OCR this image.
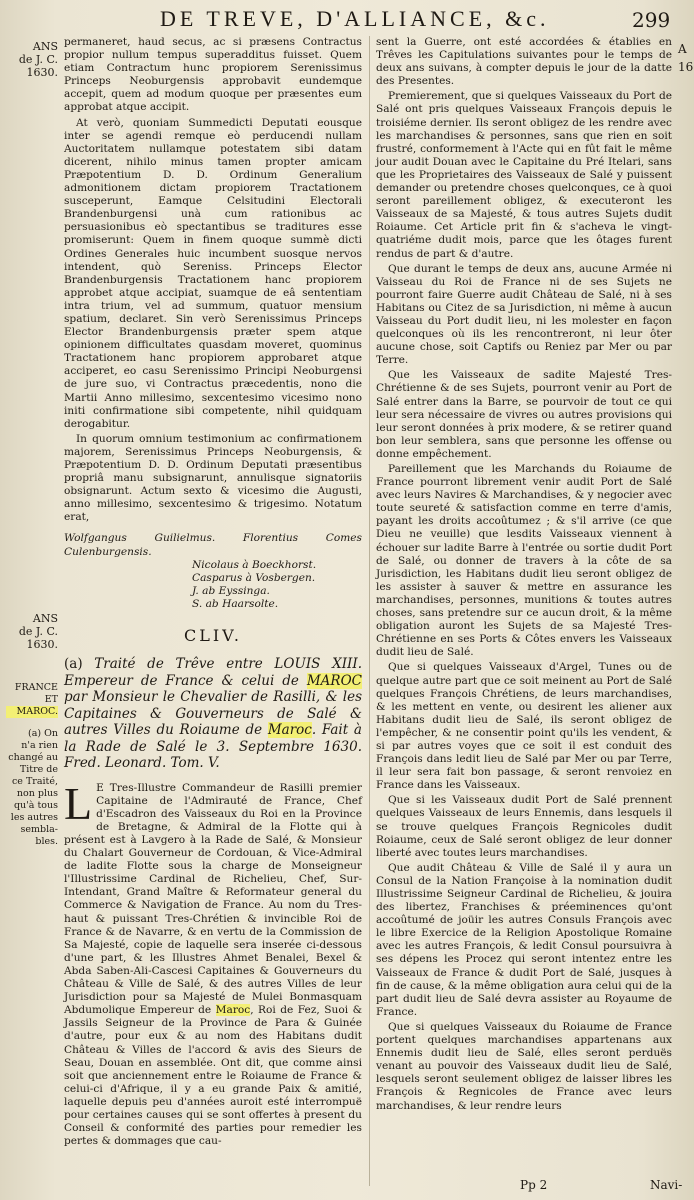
DE TREVE, D'ALLIANCE, &c.	299
A
16
ANS
de J. C.
1630.
ANS
de J. C.
1630.
FRANCE
ET
MAROC.
(a) On
n'a rien
changé au
Titre de
ce Traité,
non plus
qu'à tous
les autres
sembla-
bles.

permaneret, haud secus, ac si præsens Contractus propior nullum tempus superadditus fuisset. Quem etiam Contractum hunc propiorem Serenissimus Princeps Neoburgensis approbavit eundemque accepit, quem ad modum quoque per præsentes eum approbat atque accipit.

At verò, quoniam Summedicti Deputati eousque inter se agendi remque eò perducendi nullam Auctoritatem nullamque potestatem sibi datam dicerent, nihilo minus tamen propter amicam Præpotentium D. D. Ordinum Generalium admonitionem dictam propiorem Tractationem susceperunt, Eamque Celsitudini Electorali Brandenburgensi unà cum rationibus ac persuasionibus eò spectantibus se traditures esse promiserunt: Quem in finem quoque summè dicti Ordines Generales huic incumbent suosque nervos intendent, quò Sereniss. Princeps Elector Brandenburgensis Tractationem hanc propiorem approbet atque accipiat, suamque de eâ sententiam intra trium, vel ad summum, quatuor mensium spatium, declaret. Sin verò Serenissimus Princeps Elector Brandenburgensis præter spem atque opinionem difficultates quasdam moveret, quominus Tractationem hanc propiorem approbaret atque acciperet, eo casu Serenissimo Principi Neoburgensi de jure suo, vi Contractus præcedentis, nono die Martii Anno millesimo, sexcentesimo vicesimo nono initi confirmatione sibi competente, nihil quidquam derogabitur.

In quorum omnium testimonium ac confirmationem majorem, Serenissimus Princeps Neoburgensis, & Præpotentium D. D. Ordinum Deputati præsentibus propriâ manu subsignarunt, annulisque signatoriis obsignarunt. Actum sexto & vicesimo die Augusti, anno millesimo, sexcentesimo & trigesimo. Notatum erat,

Wolfgangus Guilielmus. Florentius Comes Culenburgensis.
Nicolaus à Boeckhorst.
Casparus à Vosbergen.
J. ab Eyssinga.
S. ab Haarsolte.
CLIV.
(a) Traité de Trêve entre LOUIS XIII. Empereur de France & celui de MAROC par Monsieur le Chevalier de Rasilli, & les Capitaines & Gouverneurs de Salé & autres Villes du Roiaume de Maroc. Fait à la Rade de Salé le 3. Septembre 1630. Fred. Leonard. Tom. V.
L E Tres-Illustre Commandeur de Rasilli premier Capitaine de l'Admirauté de France, Chef d'Escadron des Vaisseaux du Roi en la Province de Bretagne, & Admiral de la Flotte qui à présent est à Lavgero à la Rade de Salé, & Monsieur du Chalart Gouverneur de Cordouan, & Vice-Admiral de ladite Flotte sous la charge de Monseigneur l'Illustrissime Cardinal de Richelieu, Chef, Sur-Intendant, Grand Maître & Reformateur general du Commerce & Navigation de France. Au nom du Tres-haut & puissant Tres-Chrétien & invincible Roi de France & de Navarre, & en vertu de la Commission de Sa Majesté, copie de laquelle sera inserée ci-dessous d'une part, & les Illustres Ahmet Benalei, Bexel & Abda Saben-Ali-Cascesi Capitaines & Gouverneurs du Château & Ville de Salé, & des autres Villes de leur Jurisdiction pour sa Majesté de Mulei Bonmasquam Abdumolique Empereur de Maroc, Roi de Fez, Suoi & Jassils Seigneur de la Province de Para & Guinée d'autre, pour eux & au nom des Habitans dudit Château & Villes de l'accord & avis des Sieurs de Seau, Douan en assemblée. Ont dit, que comme ainsi soit que anciennement entre le Roiaume de France & celui-ci d'Afrique, il y a eu grande Paix & amitié, laquelle depuis peu d'années auroit esté interrompuë pour certaines causes qui se sont offertes à present du Conseil & conformité des parties pour remedier les pertes & dommages que cau-

sent la Guerre, ont esté accordées & établies en Trêves les Capitulations suivantes pour le temps de deux ans suivans, à compter depuis le jour de la datte des Presentes.

Premierement, que si quelques Vaisseaux du Port de Salé ont pris quelques Vaisseaux François depuis le troisiéme dernier. Ils seront obligez de les rendre avec les marchandises & personnes, sans que rien en soit frustré, conformement à l'Acte qui en fût fait le même jour audit Douan avec le Capitaine du Pré Itelari, sans que les Proprietaires des Vaisseaux de Salé y puissent demander ou pretendre choses quelconques, ce à quoi seront pareillement obligez, & executeront les Vaisseaux de sa Majesté, & tous autres Sujets dudit Roiaume. Cet Article prit fin & s'acheva le vingt-quatriéme dudit mois, parce que les ôtages furent rendus de part & d'autre.

Que durant le temps de deux ans, aucune Armée ni Vaisseau du Roi de France ni de ses Sujets ne pourront faire Guerre audit Château de Salé, ni à ses Habitans ou Citez de sa Jurisdiction, ni même à aucun Vaisseau du Port dudit lieu, ni les molester en façon quelconques où ils les rencontreront, ni leur ôter aucune chose, soit Captifs ou Reniez par Mer ou par Terre.

Que les Vaisseaux de sadite Majesté Tres-Chrétienne & de ses Sujets, pourront venir au Port de Salé entrer dans la Barre, se pourvoir de tout ce qui leur sera nécessaire de vivres ou autres provisions qui leur seront données à prix modere, & se retirer quand bon leur semblera, sans que personne les offense ou donne empêchement.

Pareillement que les Marchands du Roiaume de France pourront librement venir audit Port de Salé avec leurs Navires & Marchandises, & y negocier avec toute seureté & satisfaction comme en terre d'amis, payant les droits accoûtumez ; & s'il arrive (ce que Dieu ne veuille) que lesdits Vaisseaux viennent à échouer sur ladite Barre à l'entrée ou sortie dudit Port de Salé, ou donner de travers à la côte de sa Jurisdiction, les Habitans dudit lieu seront obligez de les assister à sauver & mettre en assurance les marchandises, personnes, munitions & toutes autres choses, sans pretendre sur ce aucun droit, & la même obligation auront les Sujets de sa Majesté Tres-Chrétienne en ses Ports & Côtes envers les Vaisseaux dudit lieu de Salé.

Que si quelques Vaisseaux d'Argel, Tunes ou de quelque autre part que ce soit meinent au Port de Salé quelques François Chrétiens, de leurs marchandises, & les mettent en vente, ou desirent les aliener aux Habitans dudit lieu de Salé, ils seront obligez de l'empêcher, & ne consentir point qu'ils les vendent, & si par autres voyes que ce soit il est conduit des François dans ledit lieu de Salé par Mer ou par Terre, il leur sera fait bon passage, & seront renvoiez en France dans les Vaisseaux.

Que si les Vaisseaux dudit Port de Salé prennent quelques Vaisseaux de leurs Ennemis, dans lesquels il se trouve quelques François Regnicoles dudit Roiaume, ceux de Salé seront obligez de leur donner liberté avec toutes leurs marchandises.

Que audit Château & Ville de Salé il y aura un Consul de la Nation Françoise à la nomination dudit Illustrissime Seigneur Cardinal de Richelieu, & jouira des libertez, Franchises & préeminences qu'ont accoûtumé de joüir les autres Consuls François avec le libre Exercice de la Religion Apostolique Romaine avec les autres François, & ledit Consul poursuivra à ses dépens les Procez qui seront intentez entre les Vaisseaux de France & dudit Port de Salé, jusques à fin de cause, & la même obligation aura celui qui de la part dudit lieu de Salé devra assister au Royaume de France.

Que si quelques Vaisseaux du Roiaume de France portent quelques marchandises appartenans aux Ennemis dudit lieu de Salé, elles seront perduës venant au pouvoir des Vaisseaux dudit lieu de Salé, lesquels seront seulement obligez de laisser libres les François & Regnicoles de France avec leurs marchandises, & leur rendre leurs

Pp 2	Navi-
